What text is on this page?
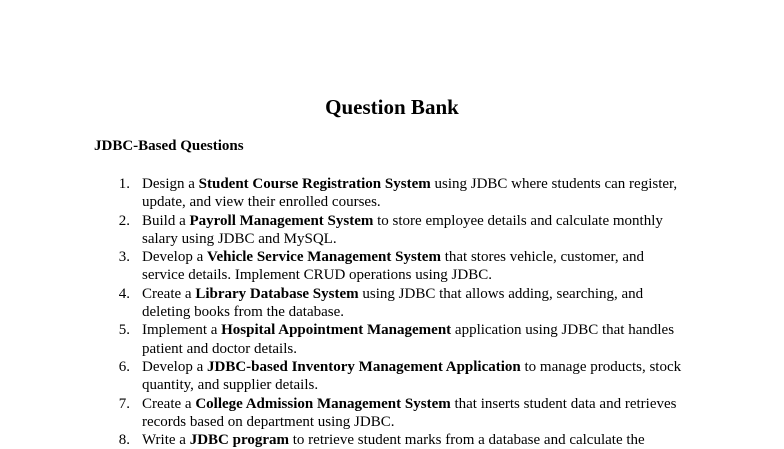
Question Bank
JDBC-Based Questions
1. Design a Student Course Registration System using JDBC where students can register, update, and view their enrolled courses.
2. Build a Payroll Management System to store employee details and calculate monthly salary using JDBC and MySQL.
3. Develop a Vehicle Service Management System that stores vehicle, customer, and service details. Implement CRUD operations using JDBC.
4. Create a Library Database System using JDBC that allows adding, searching, and deleting books from the database.
5. Implement a Hospital Appointment Management application using JDBC that handles patient and doctor details.
6. Develop a JDBC-based Inventory Management Application to manage products, stock quantity, and supplier details.
7. Create a College Admission Management System that inserts student data and retrieves records based on department using JDBC.
8. Write a JDBC program to retrieve student marks from a database and calculate the
